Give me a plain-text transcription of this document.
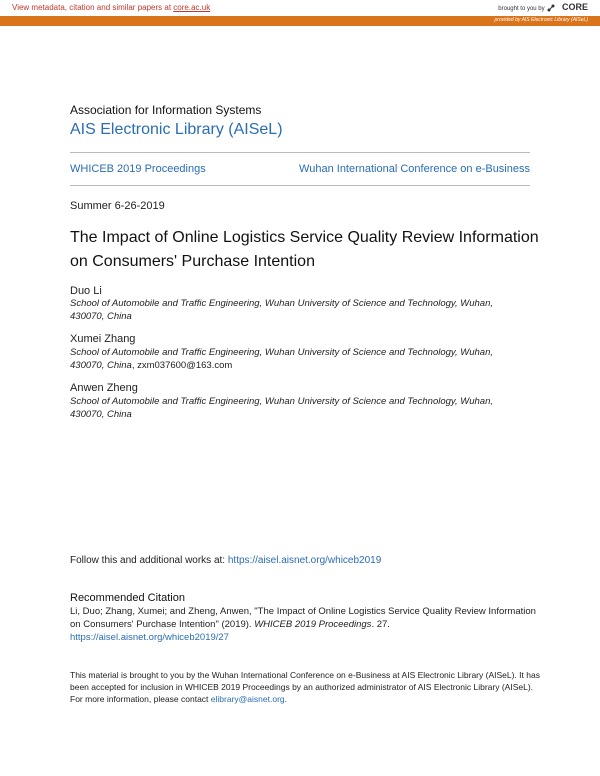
View metadata, citation and similar papers at core.ac.uk	brought to you by CORE
provided by AIS Electronic Library (AISeL)
Association for Information Systems
AIS Electronic Library (AISeL)
WHICEB 2019 Proceedings	Wuhan International Conference on e-Business
Summer 6-26-2019
The Impact of Online Logistics Service Quality Review Information on Consumers' Purchase Intention
Duo Li
School of Automobile and Traffic Engineering, Wuhan University of Science and Technology, Wuhan, 430070, China
Xumei Zhang
School of Automobile and Traffic Engineering, Wuhan University of Science and Technology, Wuhan, 430070, China, zxm037600@163.com
Anwen Zheng
School of Automobile and Traffic Engineering, Wuhan University of Science and Technology, Wuhan, 430070, China
Follow this and additional works at: https://aisel.aisnet.org/whiceb2019
Recommended Citation
Li, Duo; Zhang, Xumei; and Zheng, Anwen, "The Impact of Online Logistics Service Quality Review Information on Consumers' Purchase Intention" (2019). WHICEB 2019 Proceedings. 27.
https://aisel.aisnet.org/whiceb2019/27
This material is brought to you by the Wuhan International Conference on e-Business at AIS Electronic Library (AISeL). It has been accepted for inclusion in WHICEB 2019 Proceedings by an authorized administrator of AIS Electronic Library (AISeL). For more information, please contact elibrary@aisnet.org.
